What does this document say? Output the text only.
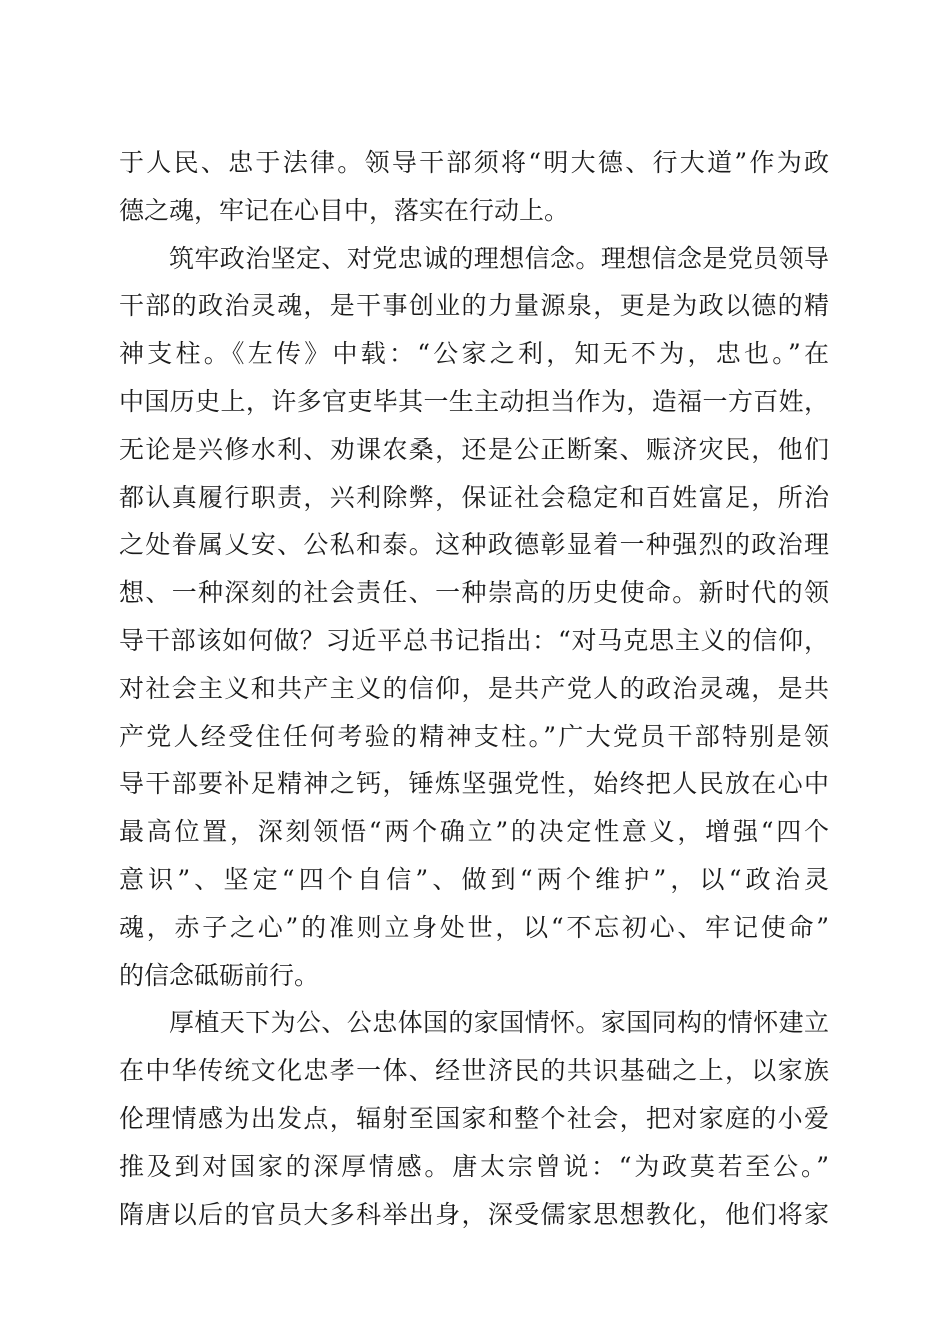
于人民、忠于法律。领导干部须将“明大德、行大道”作为政
德之魂，牢记在心目中，落实在行动上。
筑牢政治坚定、对党忠诚的理想信念。理想信念是党员领导
干部的政治灵魂，是干事创业的力量源泉，更是为政以德的精
神支柱。《左传》中载：“公家之利，知无不为，忠也。”在
中国历史上，许多官吏毕其一生主动担当作为，造福一方百姓，
无论是兴修水利、劝课农桑，还是公正断案、赈济灾民，他们
都认真履行职责，兴利除弊，保证社会稳定和百姓富足，所治
之处眷属乂安、公私和泰。这种政德彰显着一种强烈的政治理
想、一种深刻的社会责任、一种崇高的历史使命。新时代的领
导干部该如何做？习近平总书记指出：“对马克思主义的信仰，
对社会主义和共产主义的信仰，是共产党人的政治灵魂，是共
产党人经受住任何考验的精神支柱。”广大党员干部特别是领
导干部要补足精神之钙，锤炼坚强党性，始终把人民放在心中
最高位置，深刻领悟“两个确立”的决定性意义，增强“四个
意识”、坚定“四个自信”、做到“两个维护”，以“政治灵
魂，赤子之心”的准则立身处世，以“不忘初心、牢记使命”
的信念砥砺前行。
厚植天下为公、公忠体国的家国情怀。家国同构的情怀建立
在中华传统文化忠孝一体、经世济民的共识基础之上，以家族
伦理情感为出发点，辐射至国家和整个社会，把对家庭的小爱
推及到对国家的深厚情感。唐太宗曾说：“为政莫若至公。”
隋唐以后的官员大多科举出身，深受儒家思想教化，他们将家
